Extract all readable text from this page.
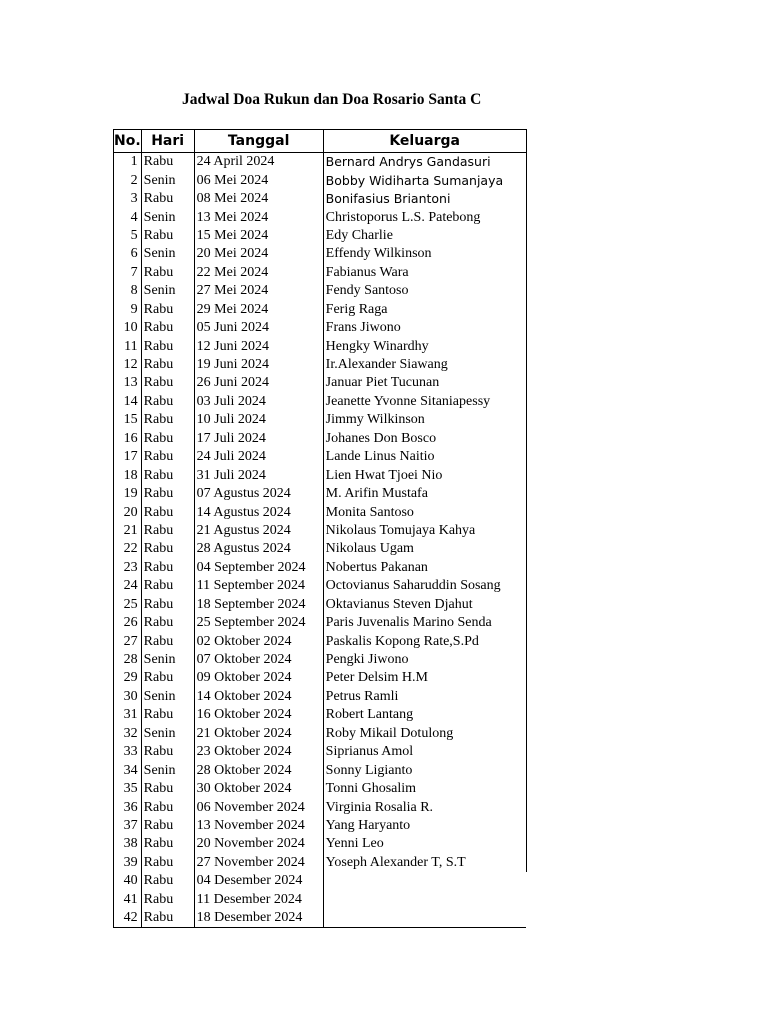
Jadwal Doa Rukun dan Doa Rosario Santa C
No.	Hari	Tanggal	Keluarga
1	Rabu	24 April 2024	Bernard Andrys Gandasuri
2	Senin	06 Mei 2024	Bobby Widiharta Sumanjaya
3	Rabu	08 Mei 2024	Bonifasius Briantoni
4	Senin	13 Mei 2024	Christoporus L.S. Patebong
5	Rabu	15 Mei 2024	Edy Charlie
6	Senin	20 Mei 2024	Effendy Wilkinson
7	Rabu	22 Mei 2024	Fabianus Wara
8	Senin	27 Mei 2024	Fendy Santoso
9	Rabu	29 Mei 2024	Ferig Raga
10	Rabu	05 Juni 2024	Frans Jiwono
11	Rabu	12 Juni 2024	Hengky Winardhy
12	Rabu	19 Juni 2024	Ir.Alexander Siawang
13	Rabu	26 Juni 2024	Januar Piet Tucunan
14	Rabu	03 Juli 2024	Jeanette Yvonne Sitaniapessy
15	Rabu	10 Juli 2024	Jimmy Wilkinson
16	Rabu	17 Juli 2024	Johanes Don Bosco
17	Rabu	24 Juli 2024	Lande Linus Naitio
18	Rabu	31 Juli 2024	Lien Hwat Tjoei Nio
19	Rabu	07 Agustus 2024	M. Arifin Mustafa
20	Rabu	14 Agustus 2024	Monita Santoso
21	Rabu	21 Agustus 2024	Nikolaus Tomujaya Kahya
22	Rabu	28 Agustus 2024	Nikolaus Ugam
23	Rabu	04 September 2024	Nobertus Pakanan
24	Rabu	11 September 2024	Octovianus Saharuddin Sosang
25	Rabu	18 September 2024	Oktavianus Steven Djahut
26	Rabu	25 September 2024	Paris Juvenalis Marino Senda
27	Rabu	02 Oktober 2024	Paskalis Kopong Rate,S.Pd
28	Senin	07 Oktober 2024	Pengki Jiwono
29	Rabu	09 Oktober 2024	Peter Delsim H.M
30	Senin	14 Oktober 2024	Petrus Ramli
31	Rabu	16 Oktober 2024	Robert Lantang
32	Senin	21 Oktober 2024	Roby Mikail Dotulong
33	Rabu	23 Oktober 2024	Siprianus Amol
34	Senin	28 Oktober 2024	Sonny Ligianto
35	Rabu	30 Oktober 2024	Tonni Ghosalim
36	Rabu	06 November 2024	Virginia Rosalia R.
37	Rabu	13 November 2024	Yang Haryanto
38	Rabu	20 November 2024	Yenni Leo
39	Rabu	27 November 2024	Yoseph Alexander T, S.T
40	Rabu	04 Desember 2024	
41	Rabu	11 Desember 2024	
42	Rabu	18 Desember 2024	
